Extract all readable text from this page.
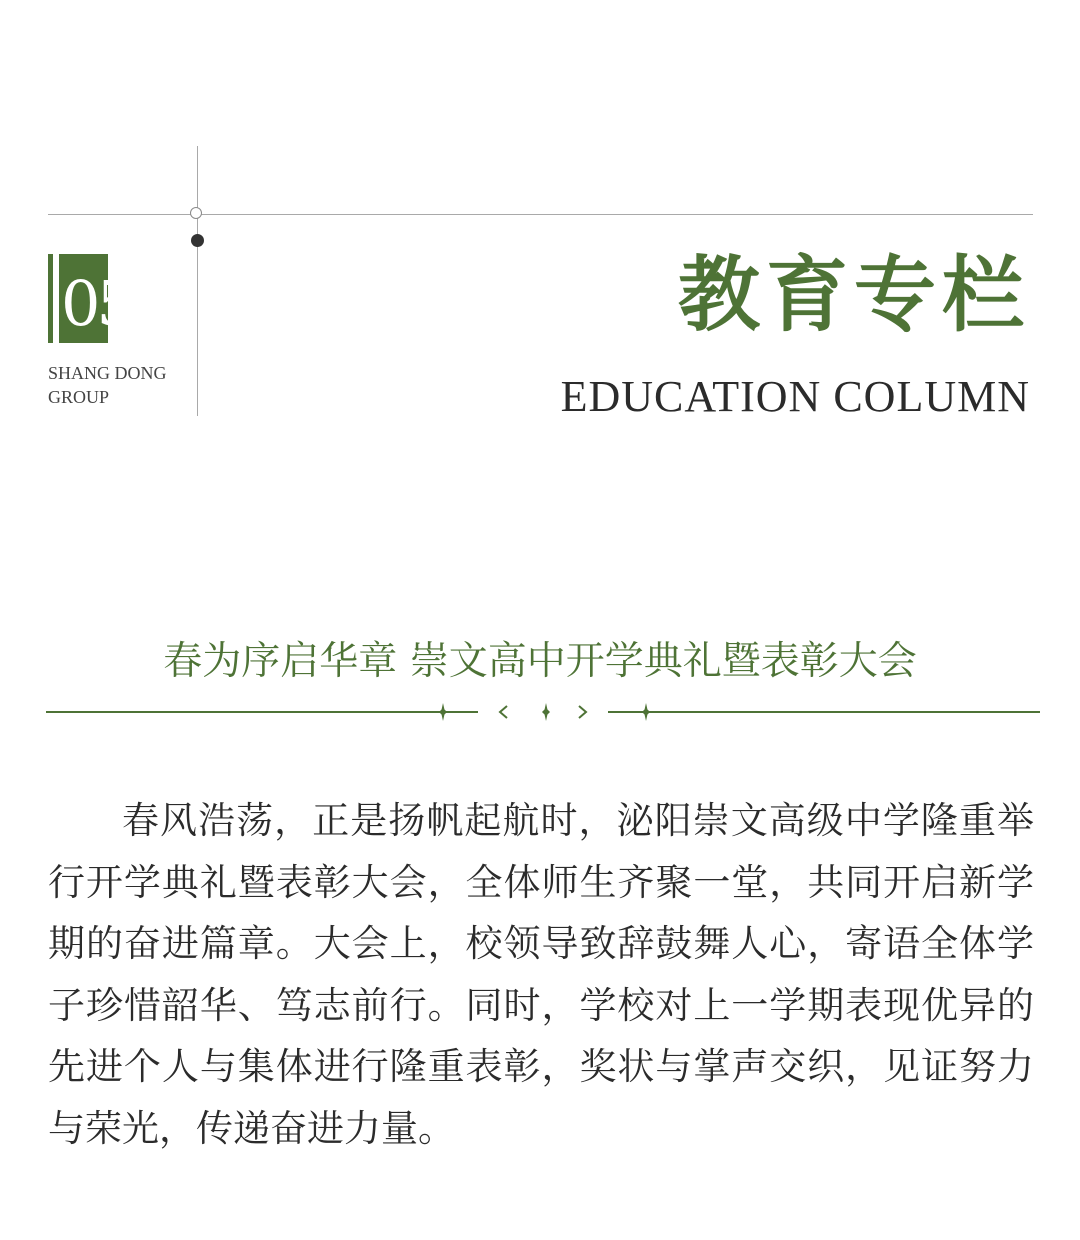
05
SHANG DONG
GROUP
教育专栏
EDUCATION COLUMN
春为序启华章 崇文高中开学典礼暨表彰大会

春风浩荡，正是扬帆起航时，泌阳崇文高级中学隆重举行开学典礼暨表彰大会，全体师生齐聚一堂，共同开启新学期的奋进篇章。大会上，校领导致辞鼓舞人心，寄语全体学子珍惜韶华、笃志前行。同时，学校对上一学期表现优异的先进个人与集体进行隆重表彰，奖状与掌声交织，见证努力与荣光，传递奋进力量。
